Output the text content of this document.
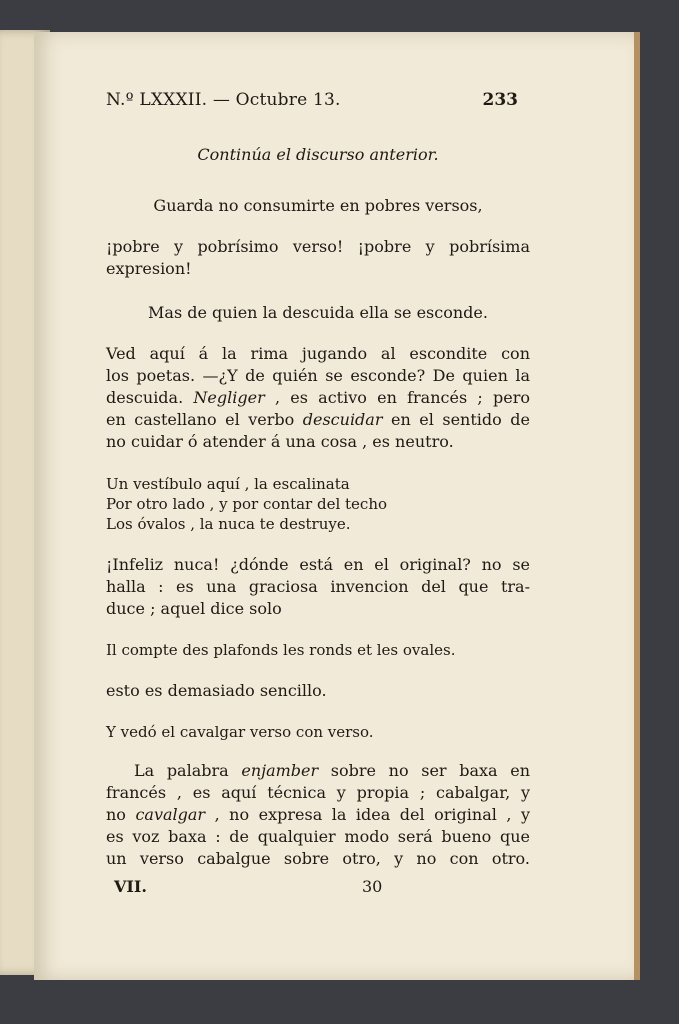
N.º LXXXII. — Octubre 13.	233
Continúa el discurso anterior.
Guarda no consumirte en pobres versos,
¡pobre y pobrísimo verso! ¡pobre y pobrísima
expresion!
Mas de quien la descuida ella se esconde.
Ved aquí á la rima jugando al escondite con
los poetas. —¿Y de quién se esconde? De quien la
descuida. Negliger , es activo en francés ; pero
en castellano el verbo descuidar en el sentido de
no cuidar ó atender á una cosa , es neutro.
Un vestíbulo aquí , la escalinata
Por otro lado , y por contar del techo
Los óvalos , la nuca te destruye.
¡Infeliz nuca! ¿dónde está en el original? no se
halla : es una graciosa invencion del que tra-
duce ; aquel dice solo
Il compte des plafonds les ronds et les ovales.
esto es demasiado sencillo.
Y vedó el cavalgar verso con verso.
La palabra enjamber sobre no ser baxa en
francés , es aquí técnica y propia ; cabalgar, y
no cavalgar , no expresa la idea del original , y
es voz baxa : de qualquier modo será bueno que
un verso cabalgue sobre otro, y no con otro.
VII.	30
